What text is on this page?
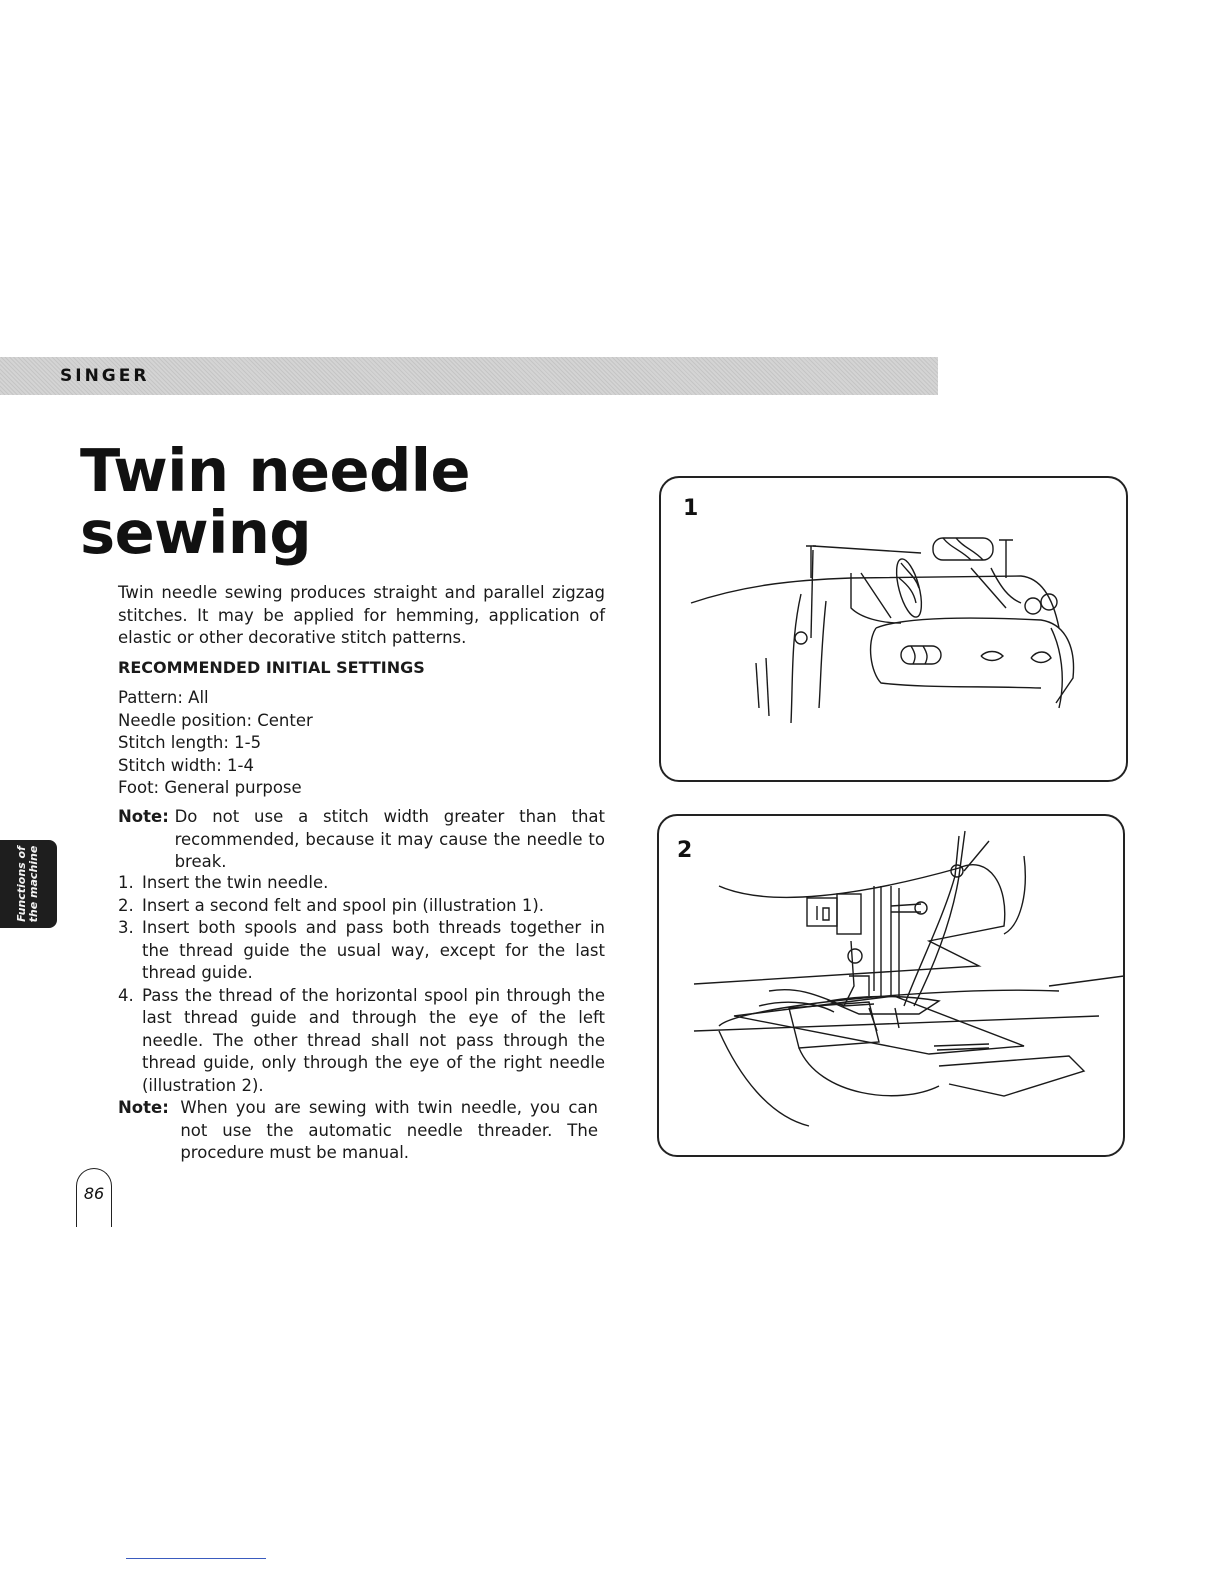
SINGER
Twin needle
sewing

Twin needle sewing produces straight and parallel zigzag stitches. It may be applied for hemming, application of elastic or other decorative stitch patterns.

RECOMMENDED INITIAL SETTINGS

Pattern: All
Needle position: Center
Stitch length: 1-5
Stitch width: 1-4
Foot: General purpose
Note:
Do not use a stitch width greater than that recommended, because it may cause the needle to break.
1. Insert the twin needle.
2. Insert a second felt and spool pin (illustration 1).
3. Insert both spools and pass both threads together in the thread guide the usual way, except for the last thread guide.
4. Pass the thread of the horizontal spool pin through the last thread guide and through the eye of the left needle. The other thread shall not pass through the thread guide, only through the eye of the right needle (illustration 2).
Note:
When you are sewing with twin needle, you can not use the automatic needle threader. The procedure must be manual.
Functions of
the machine
86
1
2
